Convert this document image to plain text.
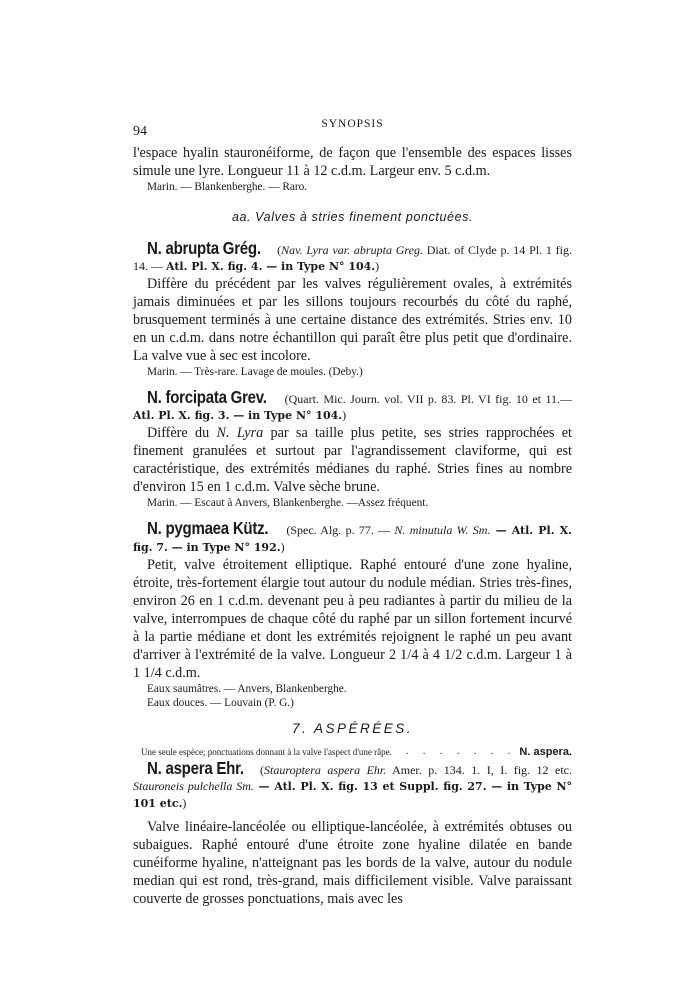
94	SYNOPSIS

l'espace hyalin stauronéiforme, de façon que l'ensemble des espaces lisses simule une lyre. Longueur 11 à 12 c.d.m. Largeur env. 5 c.d.m.

Marin. — Blankenberghe. — Raro.

aa. Valves à stries finement ponctuées.

N. abrupta Grég. (Nav. Lyra var. abrupta Greg. Diat. of Clyde p. 14 Pl. 1 fig. 14. — Atl. Pl. X. fig. 4. — in Type N° 104.)

Diffère du précédent par les valves régulièrement ovales, à extrémités jamais diminuées et par les sillons toujours recourbés du côté du raphé, brusquement terminés à une certaine distance des extrémités. Stries env. 10 en un c.d.m. dans notre échantillon qui paraît être plus petit que d'ordinaire. La valve vue à sec est incolore.

Marin. — Très-rare. Lavage de moules. (Deby.)

N. forcipata Grev. (Quart. Mic. Journ. vol. VII p. 83. Pl. VI fig. 10 et 11.— Atl. Pl. X. fig. 3. — in Type N° 104.)

Diffère du N. Lyra par sa taille plus petite, ses stries rapprochées et finement granulées et surtout par l'agrandissement claviforme, qui est caractéristique, des extrémités médianes du raphé. Stries fines au nombre d'environ 15 en 1 c.d.m. Valve sèche brune.

Marin. — Escaut à Anvers, Blankenberghe. —Assez fréquent.

N. pygmaea Kütz. (Spec. Alg. p. 77. — N. minutula W. Sm. — Atl. Pl. X. fig. 7. — in Type N° 192.)

Petit, valve étroitement elliptique. Raphé entouré d'une zone hyaline, étroite, très-fortement élargie tout autour du nodule médian. Stries très-fines, environ 26 en 1 c.d.m. devenant peu à peu radiantes à partir du milieu de la valve, interrompues de chaque côté du raphé par un sillon fortement incurvé à la partie médiane et dont les extrémités rejoignent le raphé un peu avant d'arriver à l'extrémité de la valve. Longueur 2 1/4 à 4 1/2 c.d.m. Largeur 1 à 1 1/4 c.d.m.

Eaux saumâtres. — Anvers, Blankenberghe.

Eaux douces. — Louvain (P. G.)

7. ASPÉRÉES.

Une seule espèce; ponctuations donnant à la valve l'aspect d'une râpe.	. . . . . . . N. aspera.

N. aspera Ehr. (Stauroptera aspera Ehr. Amer. p. 134. 1. I, I. fig. 12 etc. Stauroneis pulchella Sm. — Atl. Pl. X. fig. 13 et Suppl. fig. 27. — in Type N° 101 etc.)

Valve linéaire-lancéolée ou elliptique-lancéolée, à extrémités obtuses ou subaigues. Raphé entouré d'une étroite zone hyaline dilatée en bande cunéiforme hyaline, n'atteignant pas les bords de la valve, autour du nodule median qui est rond, très-grand, mais difficilement visible. Valve paraissant couverte de grosses ponctuations, mais avec les
